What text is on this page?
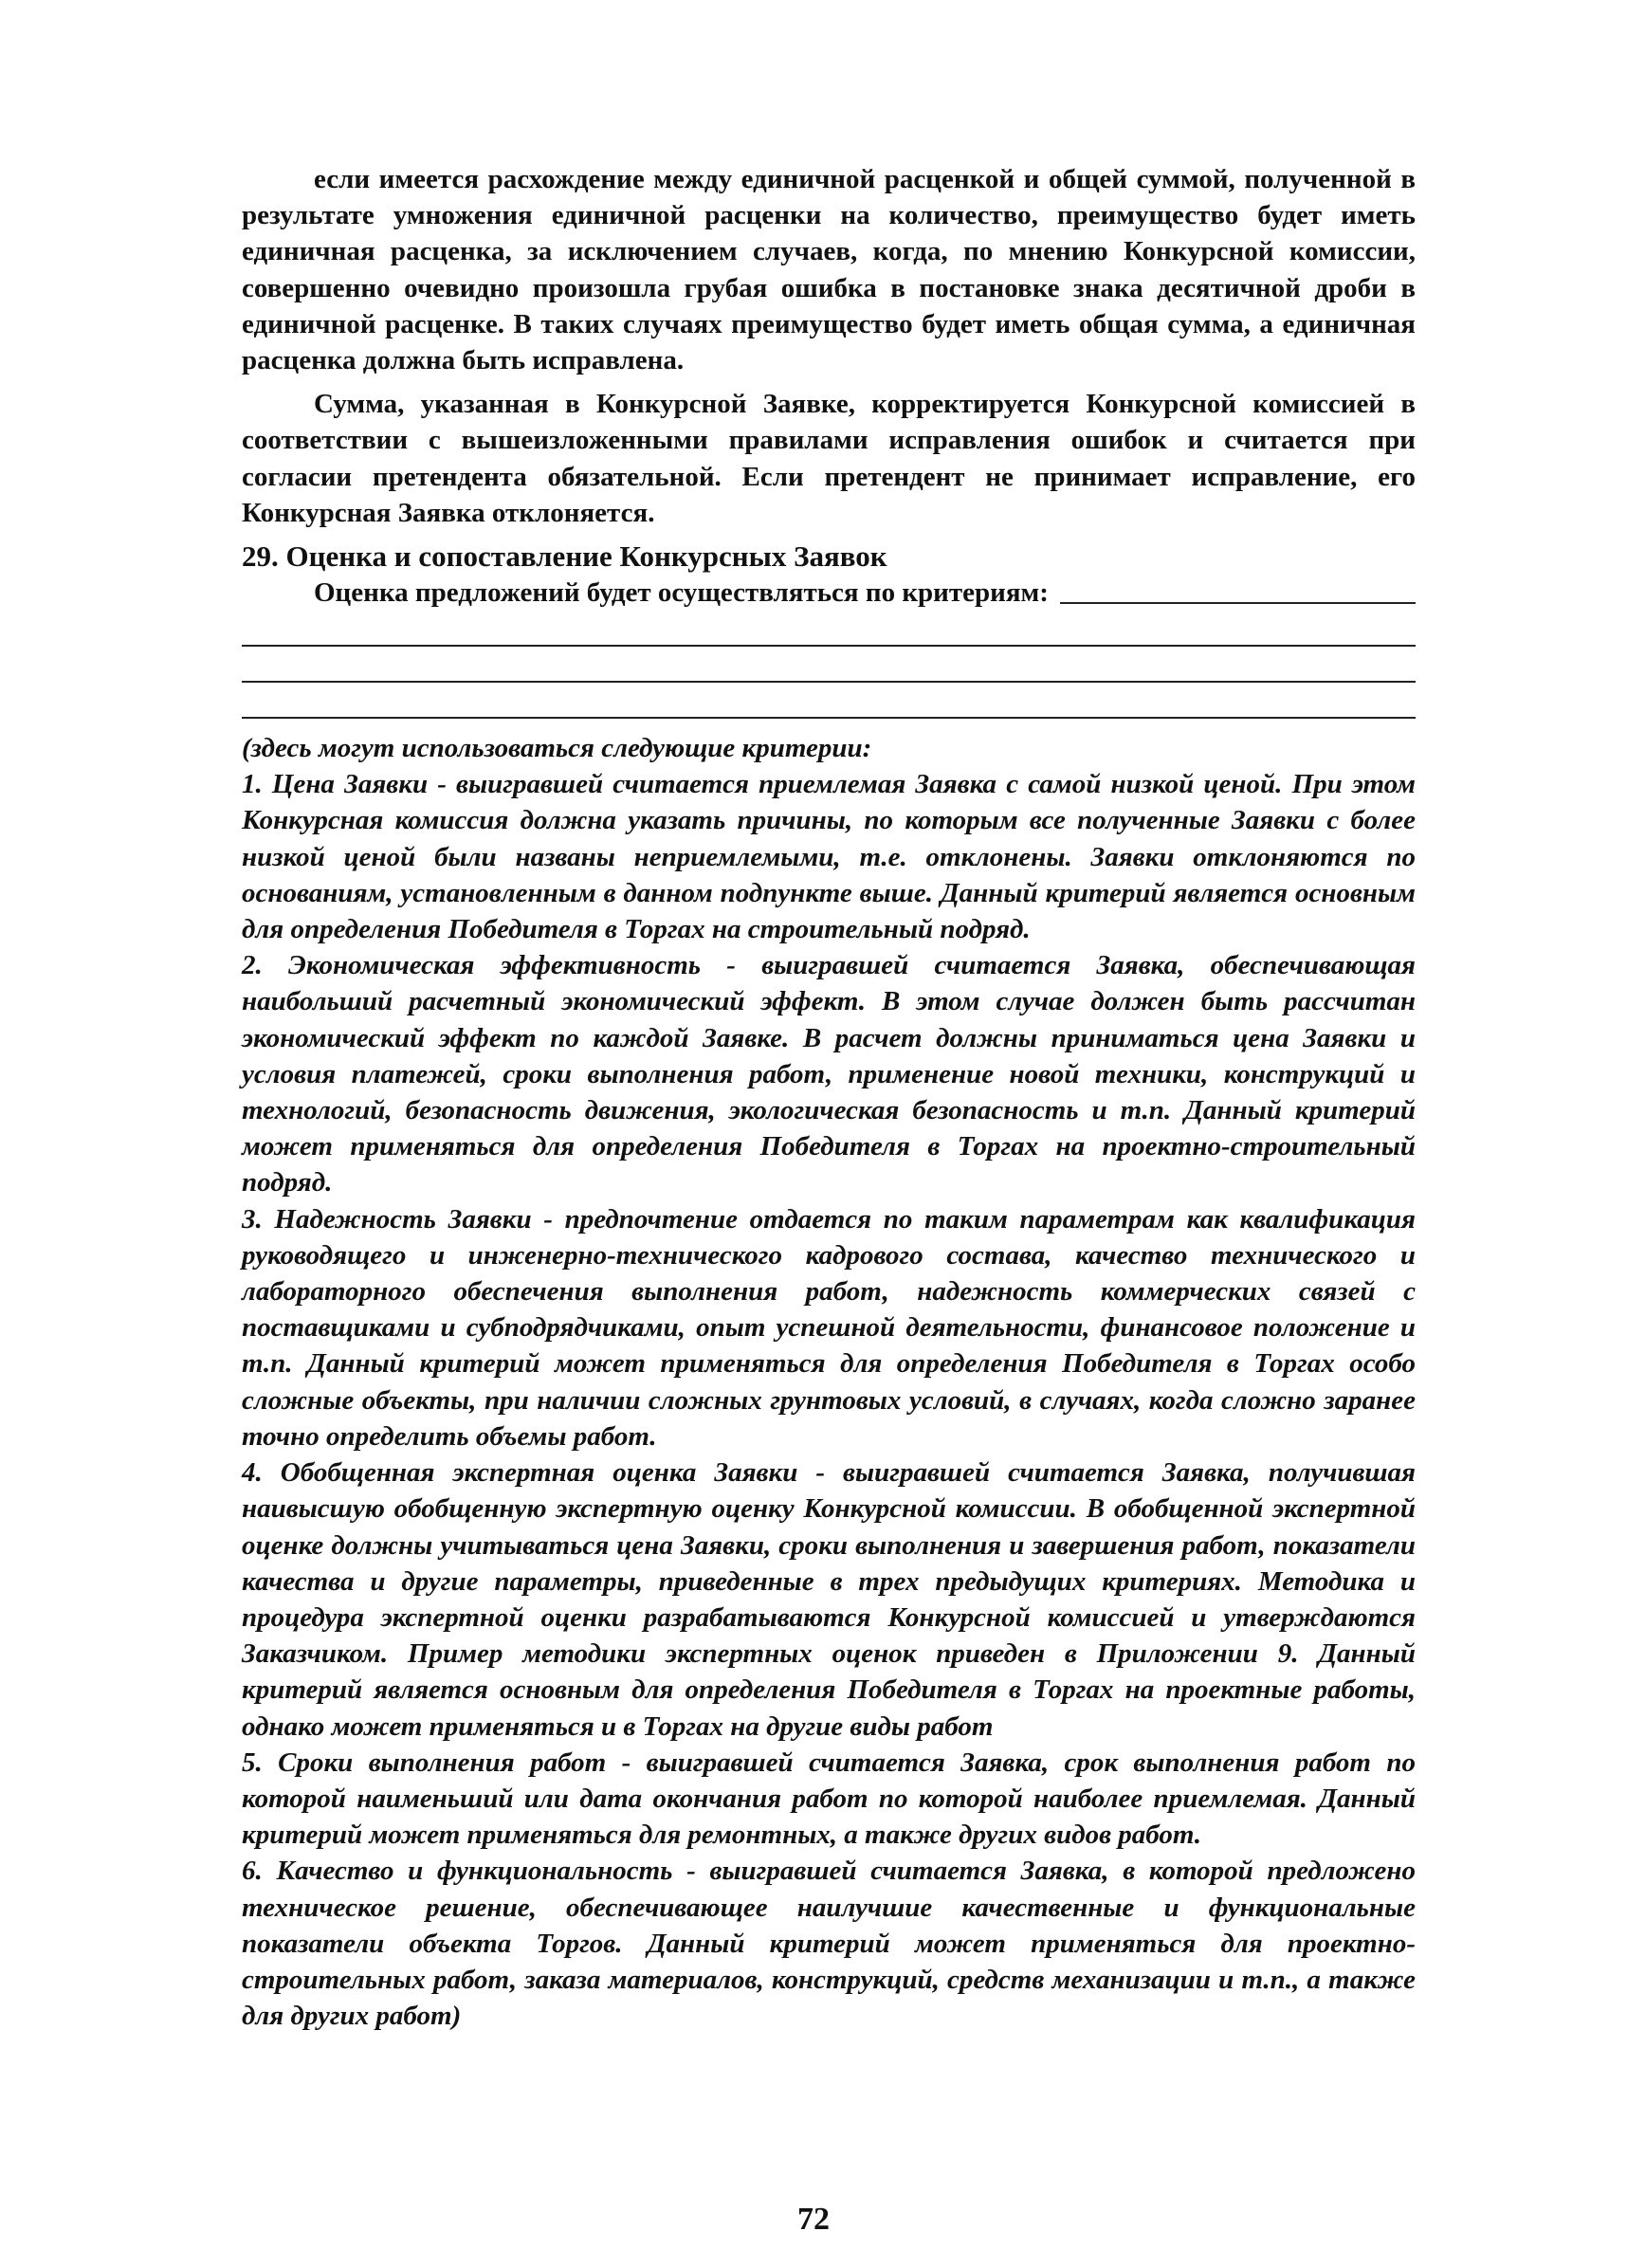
если имеется расхождение между единичной расценкой и общей суммой, полученной в результате умножения единичной расценки на количество, преимущество будет иметь единичная расценка, за исключением случаев, когда, по мнению Конкурсной комиссии, совершенно очевидно произошла грубая ошибка в постановке знака десятичной дроби в единичной расценке. В таких случаях преимущество будет иметь общая сумма, а единичная расценка должна быть исправлена.

Сумма, указанная в Конкурсной Заявке, корректируется Конкурсной комиссией в соответствии с вышеизложенными правилами исправления ошибок и считается при согласии претендента обязательной. Если претендент не принимает исправление, его Конкурсная Заявка отклоняется.

29. Оценка и сопоставление Конкурсных Заявок
Оценка предложений будет осуществляться по критериям:

(здесь могут использоваться следующие критерии:

1. Цена Заявки - выигравшей считается приемлемая Заявка с самой низкой ценой. При этом Конкурсная комиссия должна указать причины, по которым все полученные Заявки с более низкой ценой были названы неприемлемыми, т.е. отклонены. Заявки отклоняются по основаниям, установленным в данном подпункте выше. Данный критерий является основным для определения Победителя в Торгах на строительный подряд.

2. Экономическая эффективность - выигравшей считается Заявка, обеспечивающая наибольший расчетный экономический эффект. В этом случае должен быть рассчитан экономический эффект по каждой Заявке. В расчет должны приниматься цена Заявки и условия платежей, сроки выполнения работ, применение новой техники, конструкций и технологий, безопасность движения, экологическая безопасность и т.п. Данный критерий может применяться для определения Победителя в Торгах на проектно-строительный подряд.

3. Надежность Заявки - предпочтение отдается по таким параметрам как квалификация руководящего и инженерно-технического кадрового состава, качество технического и лабораторного обеспечения выполнения работ, надежность коммерческих связей с поставщиками и субподрядчиками, опыт успешной деятельности, финансовое положение и т.п. Данный критерий может применяться для определения Победителя в Торгах особо сложные объекты, при наличии сложных грунтовых условий, в случаях, когда сложно заранее точно определить объемы работ.

4. Обобщенная экспертная оценка Заявки - выигравшей считается Заявка, получившая наивысшую обобщенную экспертную оценку Конкурсной комиссии. В обобщенной экспертной оценке должны учитываться цена Заявки, сроки выполнения и завершения работ, показатели качества и другие параметры, приведенные в трех предыдущих критериях. Методика и процедура экспертной оценки разрабатываются Конкурсной комиссией и утверждаются Заказчиком. Пример методики экспертных оценок приведен в Приложении 9. Данный критерий является основным для определения Победителя в Торгах на проектные работы, однако может применяться и в Торгах на другие виды работ

5. Сроки выполнения работ - выигравшей считается Заявка, срок выполнения работ по которой наименьший или дата окончания работ по которой наиболее приемлемая. Данный критерий может применяться для ремонтных, а также других видов работ.

6. Качество и функциональность - выигравшей считается Заявка, в которой предложено техническое решение, обеспечивающее наилучшие качественные и функциональные показатели объекта Торгов. Данный критерий может применяться для проектно-строительных работ, заказа материалов, конструкций, средств механизации и т.п., а также для других работ)

72
